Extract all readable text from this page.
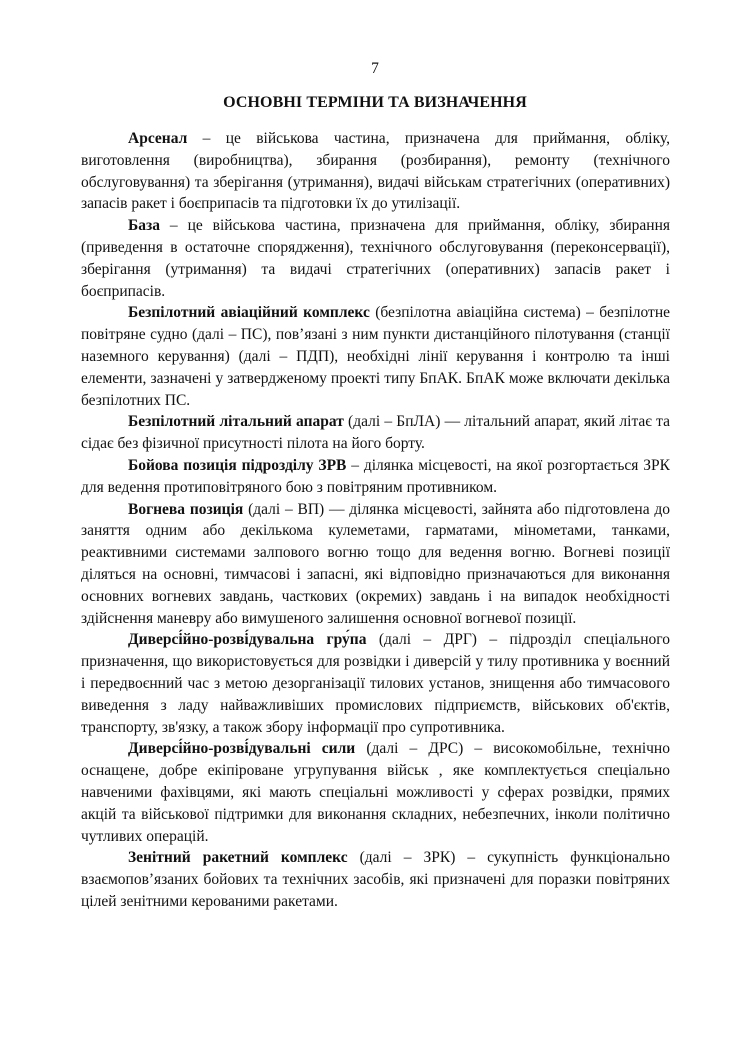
7
ОСНОВНІ ТЕРМІНИ ТА ВИЗНАЧЕННЯ

Арсенал – це військова частина, призначена для приймання, обліку, виготовлення (виробництва), збирання (розбирання), ремонту (технічного обслуговування) та зберігання (утримання), видачі військам стратегічних (оперативних) запасів ракет і боєприпасів та підготовки їх до утилізації.

База – це військова частина, призначена для приймання, обліку, збирання (приведення в остаточне спорядження), технічного обслуговування (переконсервації), зберігання (утримання) та видачі стратегічних (оперативних) запасів ракет і боєприпасів.

Безпілотний авіаційний комплекс (безпілотна авіаційна система) – безпілотне повітряне судно (далі – ПС), пов’язані з ним пункти дистанційного пілотування (станції наземного керування) (далі – ПДП), необхідні лінії керування і контролю та інші елементи, зазначені у затвердженому проекті типу БпАК. БпАК може включати декілька безпілотних ПС.

Безпілотний літальний апарат (далі – БпЛА) — літальний апарат, який літає та сідає без фізичної присутності пілота на його борту.

Бойова позиція підрозділу ЗРВ – ділянка місцевості, на якої розгортається ЗРК для ведення протиповітряного бою з повітряним противником.

Вогнева позиція (далі – ВП) — ділянка місцевості, зайнята або підготовлена до заняття одним або декількома кулеметами, гарматами, мінометами, танками, реактивними системами залпового вогню тощо для ведення вогню. Вогневі позиції діляться на основні, тимчасові і запасні, які відповідно призначаються для виконання основних вогневих завдань, часткових (окремих) завдань і на випадок необхідності здійснення маневру або вимушеного залишення основної вогневої позиції.

Диверсі́йно-розві́дувальна гру́па (далі – ДРГ) – підрозділ спеціального призначення, що використовується для розвідки і диверсій у тилу противника у воєнний і передвоєнний час з метою дезорганізації тилових установ, знищення або тимчасового виведення з ладу найважливіших промислових підприємств, військових об'єктів, транспорту, зв'язку, а також збору інформації про супротивника.

Диверсі́йно-розві́дувальні сили (далі – ДРС) – високомобільне, технічно оснащене, добре екіпіроване угрупування військ , яке комплектується спеціально навченими фахівцями, які мають спеціальні можливості у сферах розвідки, прямих акцій та військової підтримки для виконання складних, небезпечних, інколи політично чутливих операцій.

Зенітний ракетний комплекс (далі – ЗРК) – сукупність функціонально взаємопов’язаних бойових та технічних засобів, які призначені для поразки повітряних цілей зенітними керованими ракетами.
